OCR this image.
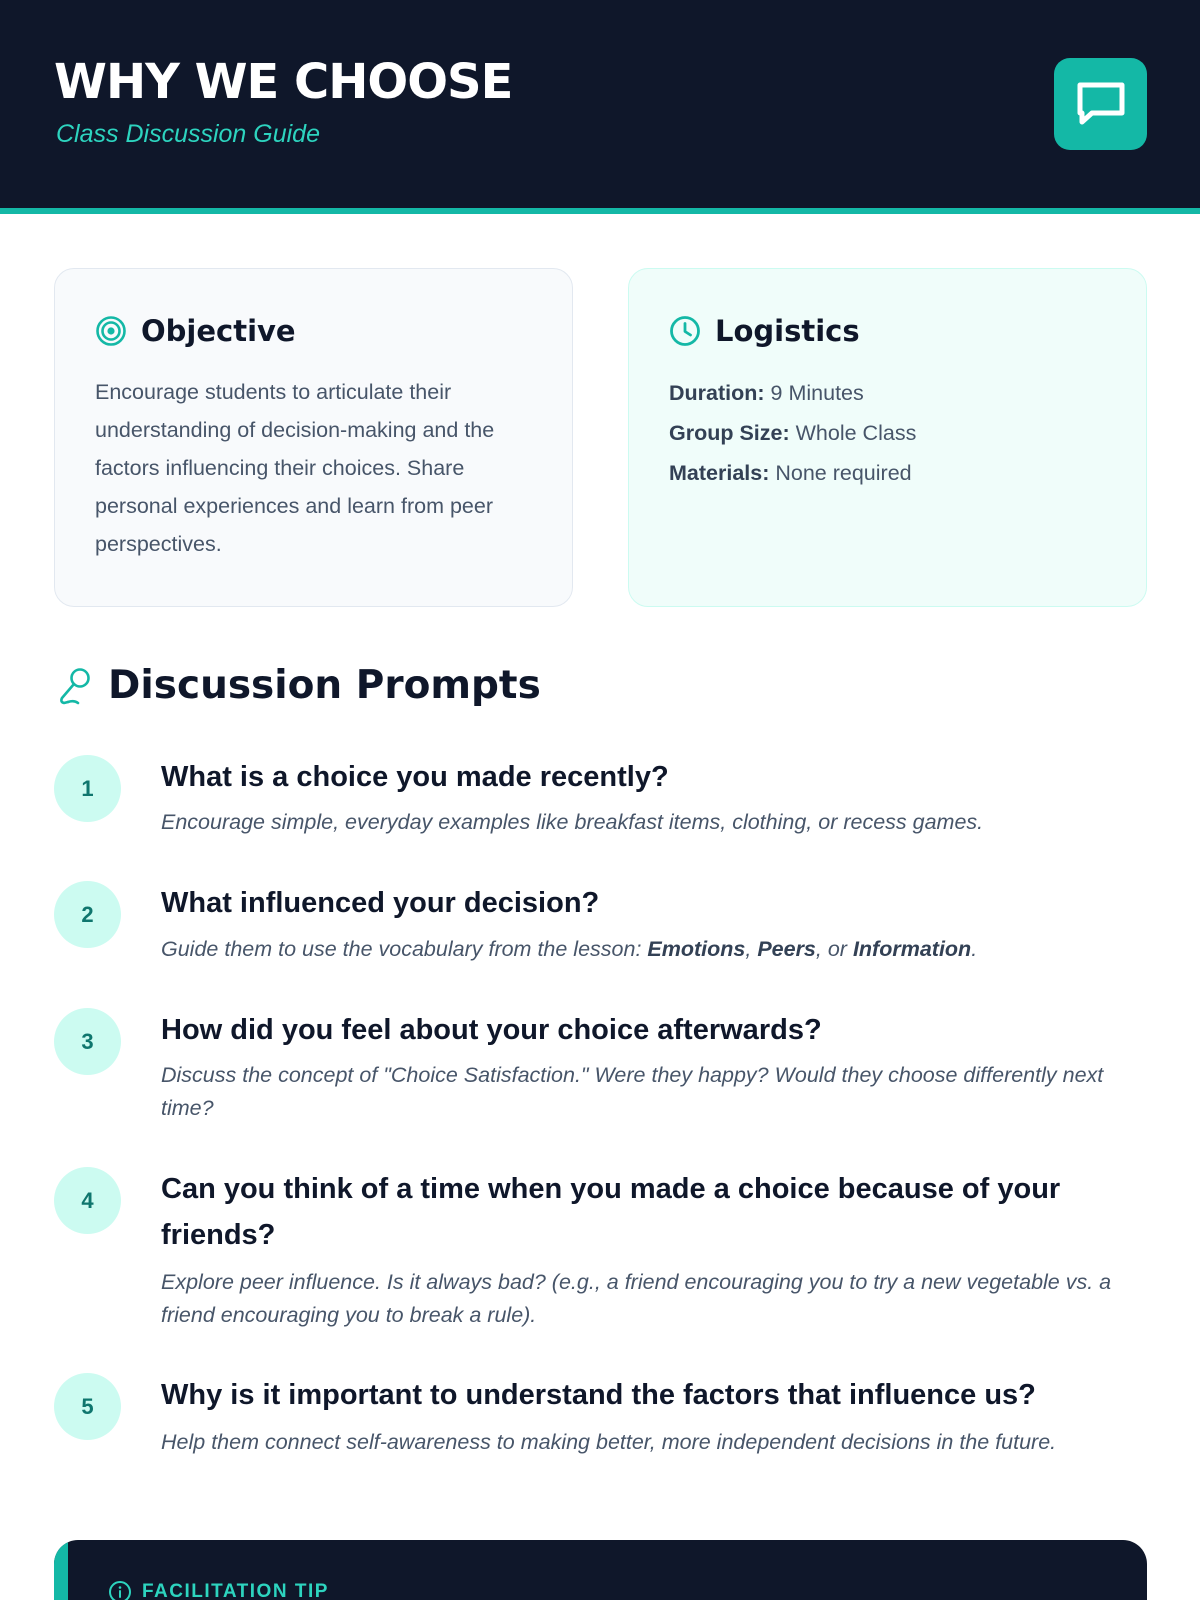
WHY WE CHOOSE
Class Discussion Guide
Objective
Encourage students to articulate their understanding of decision-making and the factors influencing their choices. Share personal experiences and learn from peer perspectives.
Logistics
Duration: 9 Minutes
Group Size: Whole Class
Materials: None required
Discussion Prompts
1	What is a choice you made recently?
Encourage simple, everyday examples like breakfast items, clothing, or recess games.
2	What influenced your decision?
Guide them to use the vocabulary from the lesson: Emotions, Peers, or Information.
3	How did you feel about your choice afterwards?
Discuss the concept of "Choice Satisfaction." Were they happy? Would they choose differently next time?
4	Can you think of a time when you made a choice because of your friends?
Explore peer influence. Is it always bad? (e.g., a friend encouraging you to try a new vegetable vs. a friend encouraging you to break a rule).
5	Why is it important to understand the factors that influence us?
Help them connect self-awareness to making better, more independent decisions in the future.
FACILITATION TIP
